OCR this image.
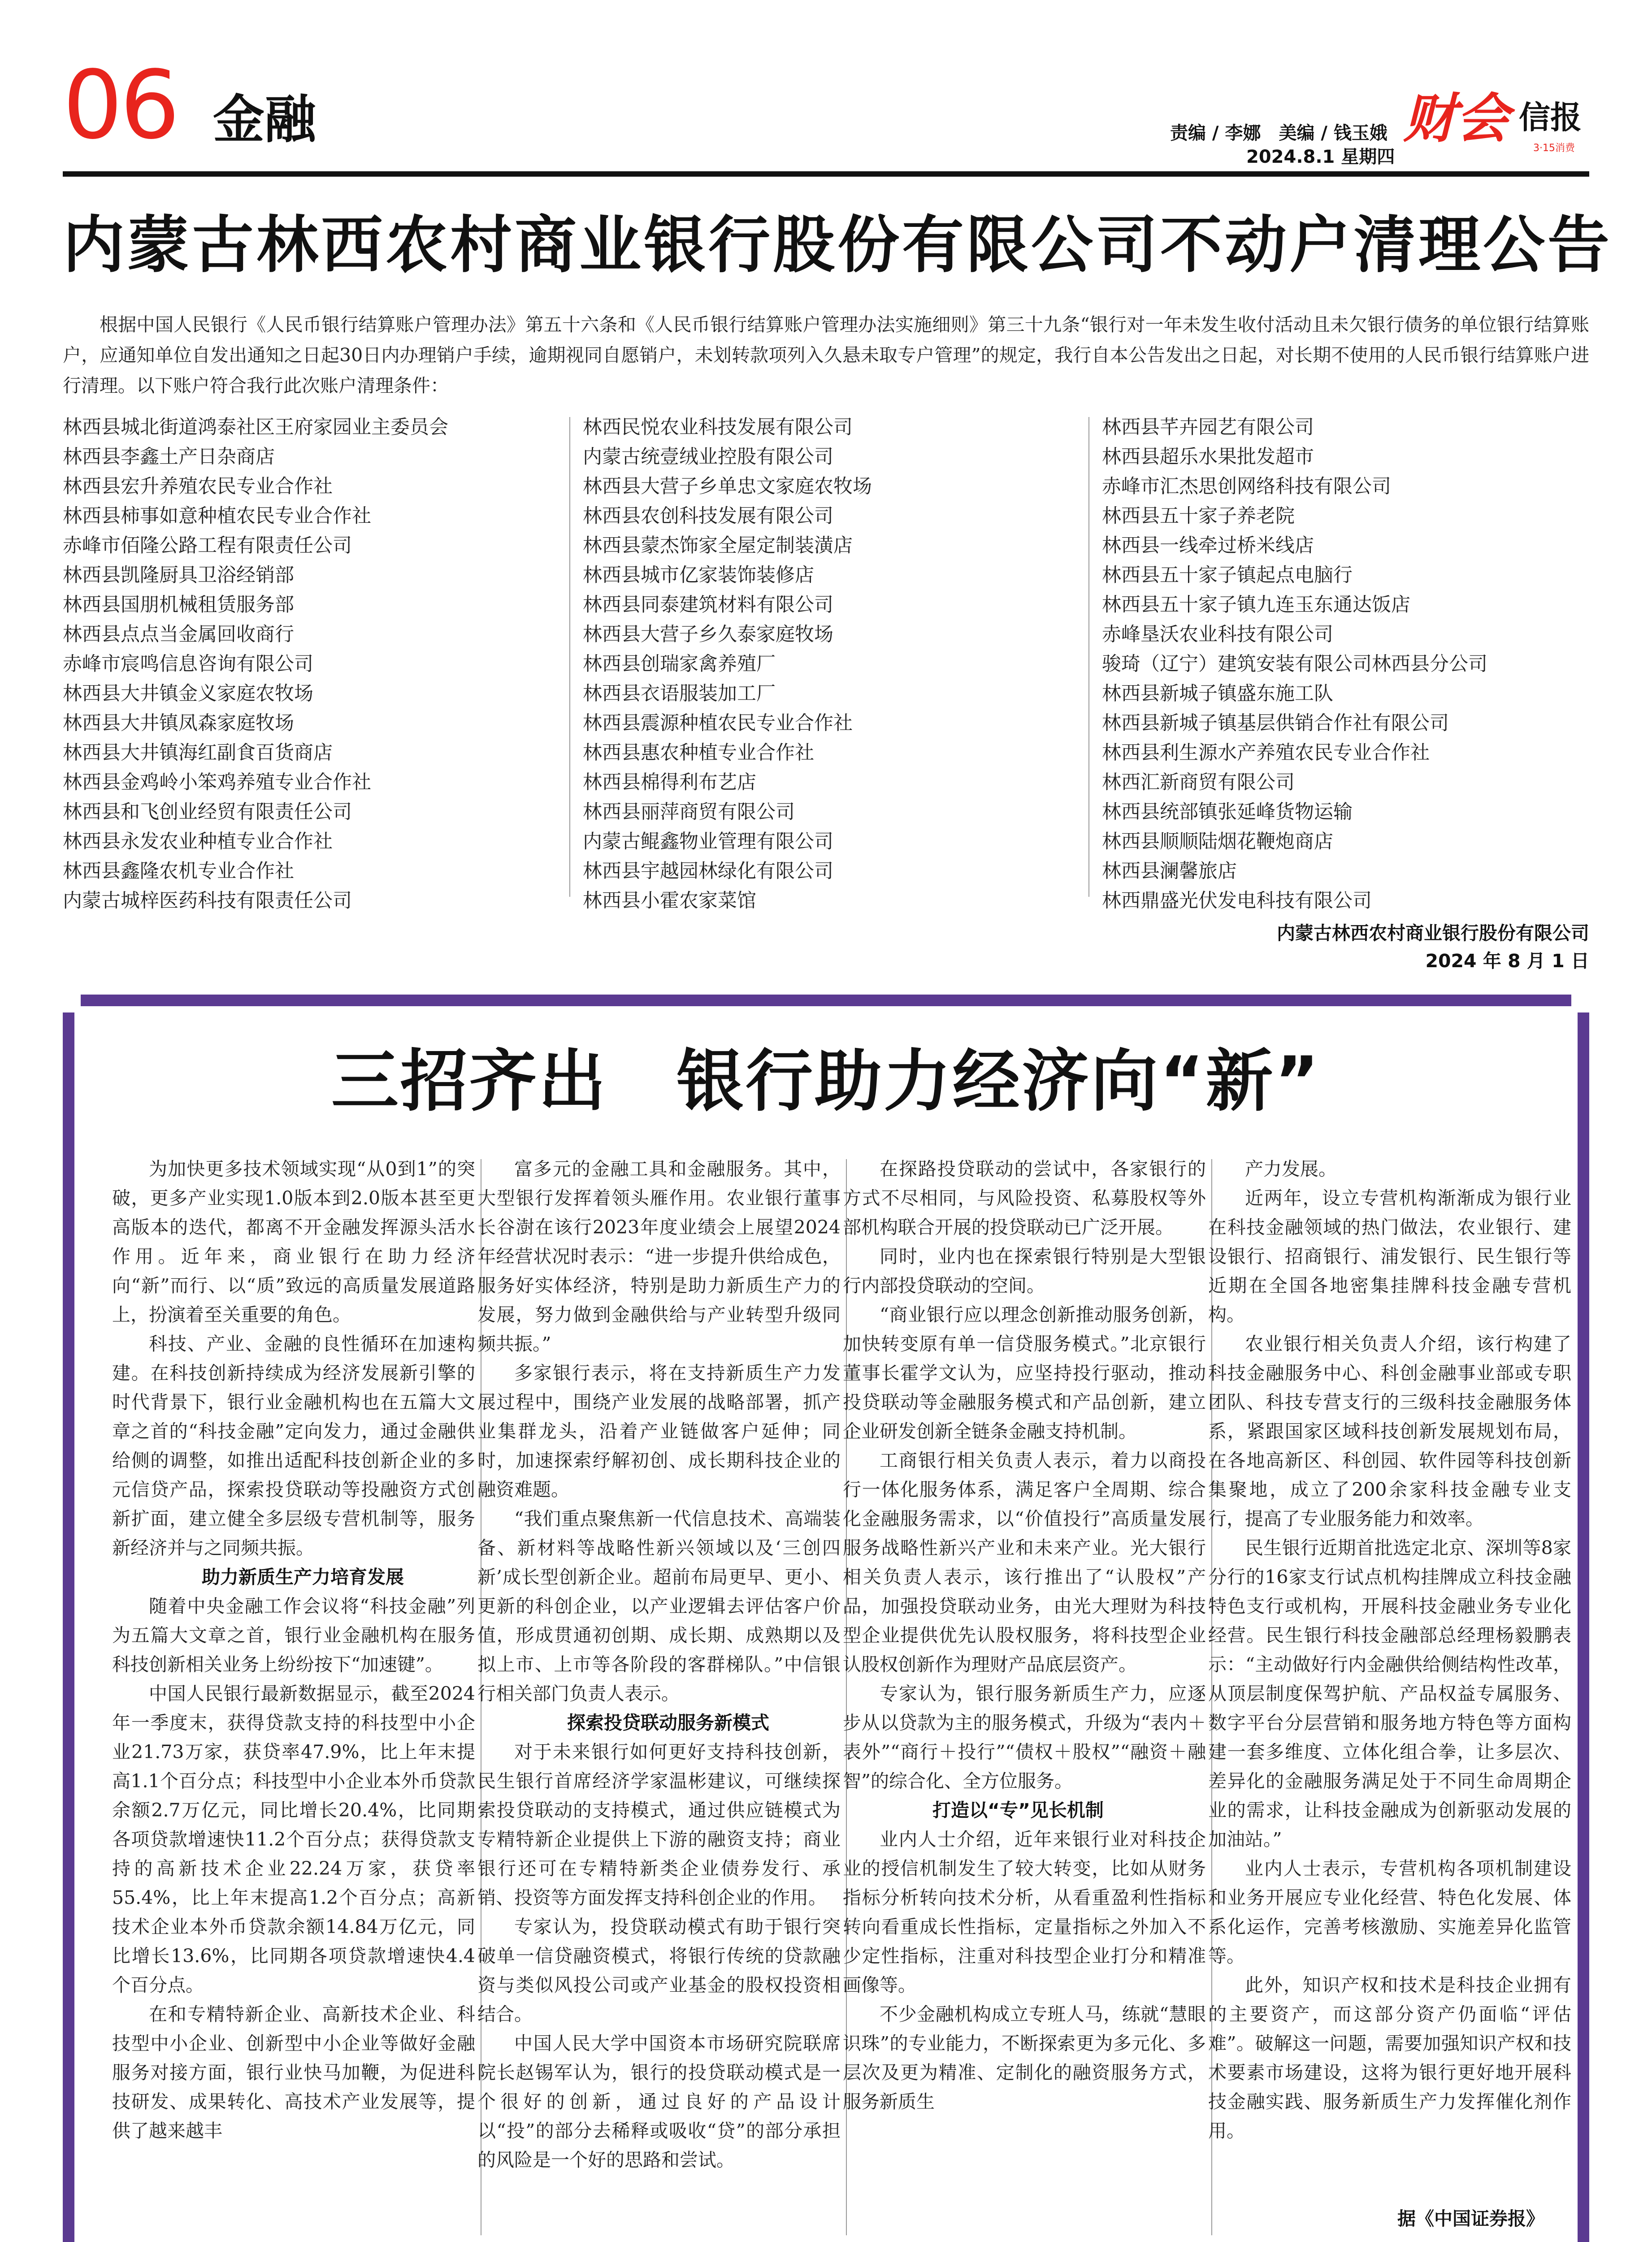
06 金融	责编 / 李娜　美编 / 钱玉娥
2024.8.1 星期四
财会 信报
3·15消费
内蒙古林西农村商业银行股份有限公司不动户清理公告
根据中国人民银行《人民币银行结算账户管理办法》第五十六条和《人民币银行结算账户管理办法实施细则》第三十九条“银行对一年未发生收付活动且未欠银行债务的单位银行结算账户，应通知单位自发出通知之日起30日内办理销户手续，逾期视同自愿销户，未划转款项列入久悬未取专户管理”的规定，我行自本公告发出之日起，对长期不使用的人民币银行结算账户进行清理。以下账户符合我行此次账户清理条件：
林西县城北街道鸿泰社区王府家园业主委员会
林西县李鑫土产日杂商店
林西县宏升养殖农民专业合作社
林西县柿事如意种植农民专业合作社
赤峰市佰隆公路工程有限责任公司
林西县凯隆厨具卫浴经销部
林西县国朋机械租赁服务部
林西县点点当金属回收商行
赤峰市宸鸣信息咨询有限公司
林西县大井镇金义家庭农牧场
林西县大井镇凤森家庭牧场
林西县大井镇海红副食百货商店
林西县金鸡岭小笨鸡养殖专业合作社
林西县和飞创业经贸有限责任公司
林西县永发农业种植专业合作社
林西县鑫隆农机专业合作社
内蒙古城梓医药科技有限责任公司
林西民悦农业科技发展有限公司
内蒙古统壹绒业控股有限公司
林西县大营子乡单忠文家庭农牧场
林西县农创科技发展有限公司
林西县蒙杰饰家全屋定制装潢店
林西县城市亿家装饰装修店
林西县同泰建筑材料有限公司
林西县大营子乡久泰家庭牧场
林西县创瑞家禽养殖厂
林西县衣语服装加工厂
林西县震源种植农民专业合作社
林西县惠农种植专业合作社
林西县棉得利布艺店
林西县丽萍商贸有限公司
内蒙古鲲鑫物业管理有限公司
林西县宇越园林绿化有限公司
林西县小霍农家菜馆
林西县芊卉园艺有限公司
林西县超乐水果批发超市
赤峰市汇杰思创网络科技有限公司
林西县五十家子养老院
林西县一线牵过桥米线店
林西县五十家子镇起点电脑行
林西县五十家子镇九连玉东通达饭店
赤峰垦沃农业科技有限公司
骏琦（辽宁）建筑安装有限公司林西县分公司
林西县新城子镇盛东施工队
林西县新城子镇基层供销合作社有限公司
林西县利生源水产养殖农民专业合作社
林西汇新商贸有限公司
林西县统部镇张延峰货物运输
林西县顺顺陆烟花鞭炮商店
林西县澜馨旅店
林西鼎盛光伏发电科技有限公司
内蒙古林西农村商业银行股份有限公司
2024 年 8 月 1 日
三招齐出　银行助力经济向“新”

为加快更多技术领域实现“从0到1”的突破，更多产业实现1.0版本到2.0版本甚至更高版本的迭代，都离不开金融发挥源头活水作用。近年来，商业银行在助力经济向“新”而行、以“质”致远的高质量发展道路上，扮演着至关重要的角色。

科技、产业、金融的良性循环在加速构建。在科技创新持续成为经济发展新引擎的时代背景下，银行业金融机构也在五篇大文章之首的“科技金融”定向发力，通过金融供给侧的调整，如推出适配科技创新企业的多元信贷产品，探索投贷联动等投融资方式创新扩面，建立健全多层级专营机制等，服务新经济并与之同频共振。

助力新质生产力培育发展

随着中央金融工作会议将“科技金融”列为五篇大文章之首，银行业金融机构在服务科技创新相关业务上纷纷按下“加速键”。

中国人民银行最新数据显示，截至2024年一季度末，获得贷款支持的科技型中小企业21.73万家，获贷率47.9%，比上年末提高1.1个百分点；科技型中小企业本外币贷款余额2.7万亿元，同比增长20.4%，比同期各项贷款增速快11.2个百分点；获得贷款支持的高新技术企业22.24万家，获贷率55.4%，比上年末提高1.2个百分点；高新技术企业本外币贷款余额14.84万亿元，同比增长13.6%，比同期各项贷款增速快4.4个百分点。

在和专精特新企业、高新技术企业、科技型中小企业、创新型中小企业等做好金融服务对接方面，银行业快马加鞭，为促进科技研发、成果转化、高技术产业发展等，提供了越来越丰

富多元的金融工具和金融服务。其中，大型银行发挥着领头雁作用。农业银行董事长谷澍在该行2023年度业绩会上展望2024年经营状况时表示：“进一步提升供给成色，服务好实体经济，特别是助力新质生产力的发展，努力做到金融供给与产业转型升级同频共振。”

多家银行表示，将在支持新质生产力发展过程中，围绕产业发展的战略部署，抓产业集群龙头，沿着产业链做客户延伸；同时，加速探索纾解初创、成长期科技企业的融资难题。

“我们重点聚焦新一代信息技术、高端装备、新材料等战略性新兴领域以及‘三创四新’成长型创新企业。超前布局更早、更小、更新的科创企业，以产业逻辑去评估客户价值，形成贯通初创期、成长期、成熟期以及拟上市、上市等各阶段的客群梯队。”中信银行相关部门负责人表示。

探索投贷联动服务新模式

对于未来银行如何更好支持科技创新，民生银行首席经济学家温彬建议，可继续探索投贷联动的支持模式，通过供应链模式为专精特新企业提供上下游的融资支持；商业银行还可在专精特新类企业债券发行、承销、投资等方面发挥支持科创企业的作用。

专家认为，投贷联动模式有助于银行突破单一信贷融资模式，将银行传统的贷款融资与类似风投公司或产业基金的股权投资相结合。

中国人民大学中国资本市场研究院联席院长赵锡军认为，银行的投贷联动模式是一个很好的创新，通过良好的产品设计以“投”的部分去稀释或吸收“贷”的部分承担的风险是一个好的思路和尝试。

在探路投贷联动的尝试中，各家银行的方式不尽相同，与风险投资、私募股权等外部机构联合开展的投贷联动已广泛开展。

同时，业内也在探索银行特别是大型银行内部投贷联动的空间。

“商业银行应以理念创新推动服务创新，加快转变原有单一信贷服务模式。”北京银行董事长霍学文认为，应坚持投行驱动，推动投贷联动等金融服务模式和产品创新，建立企业研发创新全链条金融支持机制。

工商银行相关负责人表示，着力以商投行一体化服务体系，满足客户全周期、综合化金融服务需求，以“价值投行”高质量发展服务战略性新兴产业和未来产业。光大银行相关负责人表示，该行推出了“认股权”产品，加强投贷联动业务，由光大理财为科技型企业提供优先认股权服务，将科技型企业认股权创新作为理财产品底层资产。

专家认为，银行服务新质生产力，应逐步从以贷款为主的服务模式，升级为“表内＋表外”“商行＋投行”“债权＋股权”“融资＋融智”的综合化、全方位服务。

打造以“专”见长机制

业内人士介绍，近年来银行业对科技企业的授信机制发生了较大转变，比如从财务指标分析转向技术分析，从看重盈利性指标转向看重成长性指标，定量指标之外加入不少定性指标，注重对科技型企业打分和精准画像等。

不少金融机构成立专班人马，练就“慧眼识珠”的专业能力，不断探索更为多元化、多层次及更为精准、定制化的融资服务方式，服务新质生

产力发展。

近两年，设立专营机构渐渐成为银行业在科技金融领域的热门做法，农业银行、建设银行、招商银行、浦发银行、民生银行等近期在全国各地密集挂牌科技金融专营机构。

农业银行相关负责人介绍，该行构建了科技金融服务中心、科创金融事业部或专职团队、科技专营支行的三级科技金融服务体系，紧跟国家区域科技创新发展规划布局，在各地高新区、科创园、软件园等科技创新集聚地，成立了200余家科技金融专业支行，提高了专业服务能力和效率。

民生银行近期首批选定北京、深圳等8家分行的16家支行试点机构挂牌成立科技金融特色支行或机构，开展科技金融业务专业化经营。民生银行科技金融部总经理杨毅鹏表示：“主动做好行内金融供给侧结构性改革，从顶层制度保驾护航、产品权益专属服务、数字平台分层营销和服务地方特色等方面构建一套多维度、立体化组合拳，让多层次、差异化的金融服务满足处于不同生命周期企业的需求，让科技金融成为创新驱动发展的加油站。”

业内人士表示，专营机构各项机制建设和业务开展应专业化经营、特色化发展、体系化运作，完善考核激励、实施差异化监管等。

此外，知识产权和技术是科技企业拥有的主要资产，而这部分资产仍面临“评估难”。破解这一问题，需要加强知识产权和技术要素市场建设，这将为银行更好地开展科技金融实践、服务新质生产力发挥催化剂作用。

据《中国证券报》
